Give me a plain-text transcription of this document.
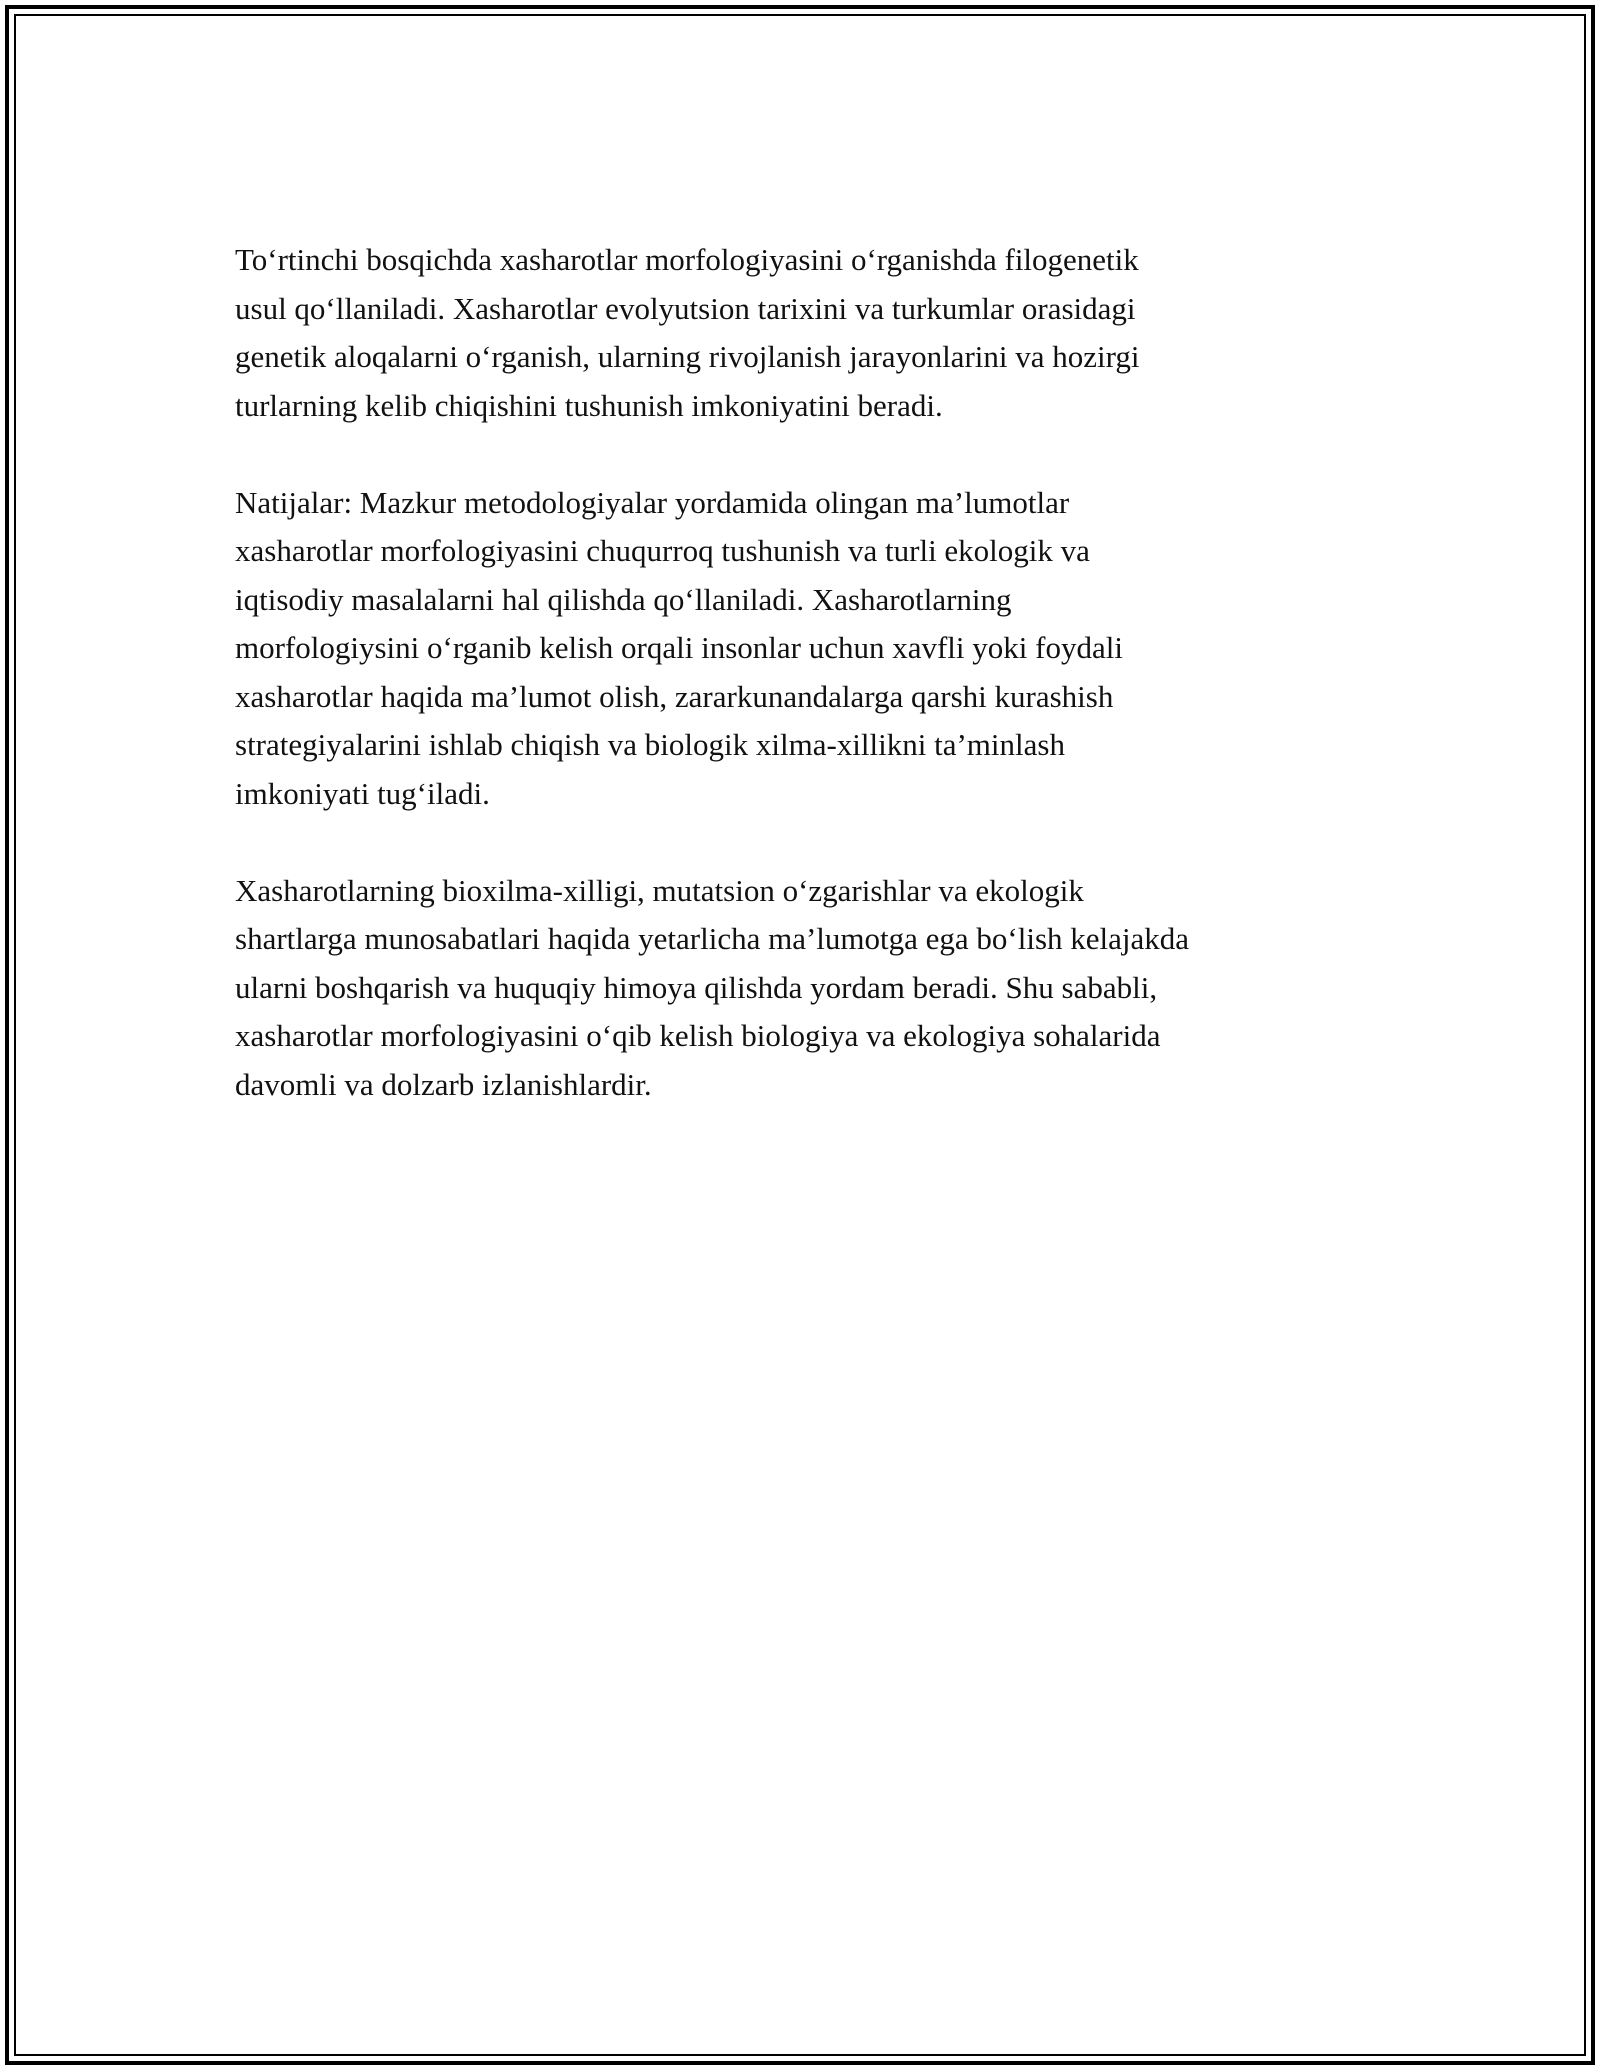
To‘rtinchi bosqichda xasharotlar morfologiyasini o‘rganishda filogenetik
usul qo‘llaniladi. Xasharotlar evolyutsion tarixini va turkumlar orasidagi
genetik aloqalarni o‘rganish, ularning rivojlanish jarayonlarini va hozirgi
turlarning kelib chiqishini tushunish imkoniyatini beradi.

Natijalar: Mazkur metodologiyalar yordamida olingan ma’lumotlar
xasharotlar morfologiyasini chuqurroq tushunish va turli ekologik va
iqtisodiy masalalarni hal qilishda qo‘llaniladi. Xasharotlarning
morfologiysini o‘rganib kelish orqali insonlar uchun xavfli yoki foydali
xasharotlar haqida ma’lumot olish, zararkunandalarga qarshi kurashish
strategiyalarini ishlab chiqish va biologik xilma-xillikni ta’minlash
imkoniyati tug‘iladi.

Xasharotlarning bioxilma-xilligi, mutatsion o‘zgarishlar va ekologik
shartlarga munosabatlari haqida yetarlicha ma’lumotga ega bo‘lish kelajakda
ularni boshqarish va huquqiy himoya qilishda yordam beradi. Shu sababli,
xasharotlar morfologiyasini o‘qib kelish biologiya va ekologiya sohalarida
davomli va dolzarb izlanishlardir.
